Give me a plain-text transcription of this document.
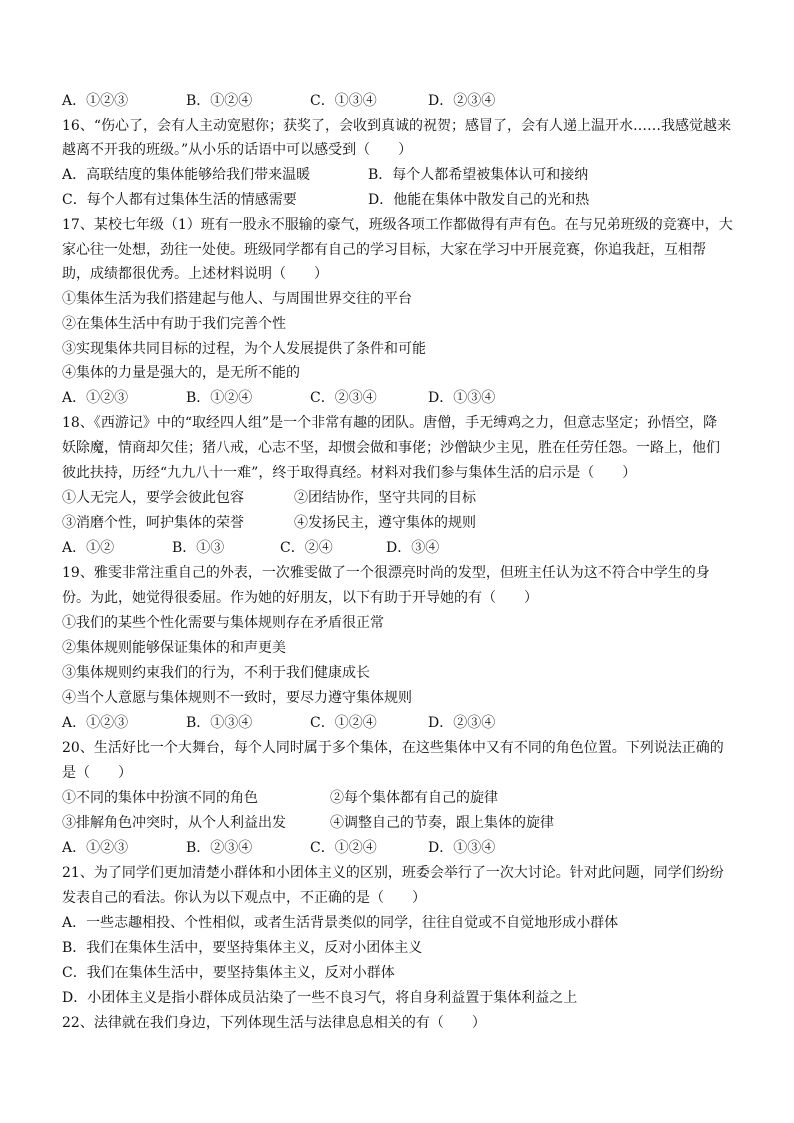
A．①②③	B．①②④	C．①③④	D．②③④
16、“伤心了，会有人主动宽慰你；获奖了，会收到真诚的祝贺；感冒了，会有人递上温开水……我感觉越来
越离不开我的班级。”从小乐的话语中可以感受到（　　）
A．高联结度的集体能够给我们带来温暖	B．每个人都希望被集体认可和接纳
C．每个人都有过集体生活的情感需要	D．他能在集体中散发自己的光和热
17、某校七年级（1）班有一股永不服输的豪气，班级各项工作都做得有声有色。在与兄弟班级的竞赛中，大
家心往一处想，劲往一处使。班级同学都有自己的学习目标，大家在学习中开展竞赛，你追我赶，互相帮
助，成绩都很优秀。上述材料说明（　　）
①集体生活为我们搭建起与他人、与周围世界交往的平台
②在集体生活中有助于我们完善个性
③实现集体共同目标的过程，为个人发展提供了条件和可能
④集体的力量是强大的，是无所不能的
A．①②③	B．①②④	C．②③④	D．①③④
18、《西游记》中的“取经四人组”是一个非常有趣的团队。唐僧，手无缚鸡之力，但意志坚定；孙悟空，降
妖除魔，情商却欠佳；猪八戒，心志不坚，却惯会做和事佬；沙僧缺少主见，胜在任劳任怨。一路上，他们
彼此扶持，历经“九九八十一难”，终于取得真经。材料对我们参与集体生活的启示是（　　）
①人无完人，要学会彼此包容	②团结协作，坚守共同的目标
③消磨个性，呵护集体的荣誉	④发扬民主，遵守集体的规则
A．①②	B．①③	C．②④	D．③④
19、雅雯非常注重自己的外表，一次雅雯做了一个很漂亮时尚的发型，但班主任认为这不符合中学生的身
份。为此，她觉得很委屈。作为她的好朋友，以下有助于开导她的有（　　）
①我们的某些个性化需要与集体规则存在矛盾很正常
②集体规则能够保证集体的和声更美
③集体规则约束我们的行为，不利于我们健康成长
④当个人意愿与集体规则不一致时，要尽力遵守集体规则
A．①②③	B．①③④	C．①②④	D．②③④
20、生活好比一个大舞台，每个人同时属于多个集体，在这些集体中又有不同的角色位置。下列说法正确的
是（　　）
①不同的集体中扮演不同的角色	②每个集体都有自己的旋律
③排解角色冲突时，从个人利益出发	④调整自己的节奏，跟上集体的旋律
A．①②③	B．②③④	C．①②④	D．①③④
21、为了同学们更加清楚小群体和小团体主义的区别，班委会举行了一次大讨论。针对此问题，同学们纷纷
发表自己的看法。你认为以下观点中，不正确的是（　　）
A．一些志趣相投、个性相似，或者生活背景类似的同学，往往自觉或不自觉地形成小群体
B．我们在集体生活中，要坚持集体主义，反对小团体主义
C．我们在集体生活中，要坚持集体主义，反对小群体
D．小团体主义是指小群体成员沾染了一些不良习气，将自身利益置于集体利益之上
22、法律就在我们身边，下列体现生活与法律息息相关的有（　　）
